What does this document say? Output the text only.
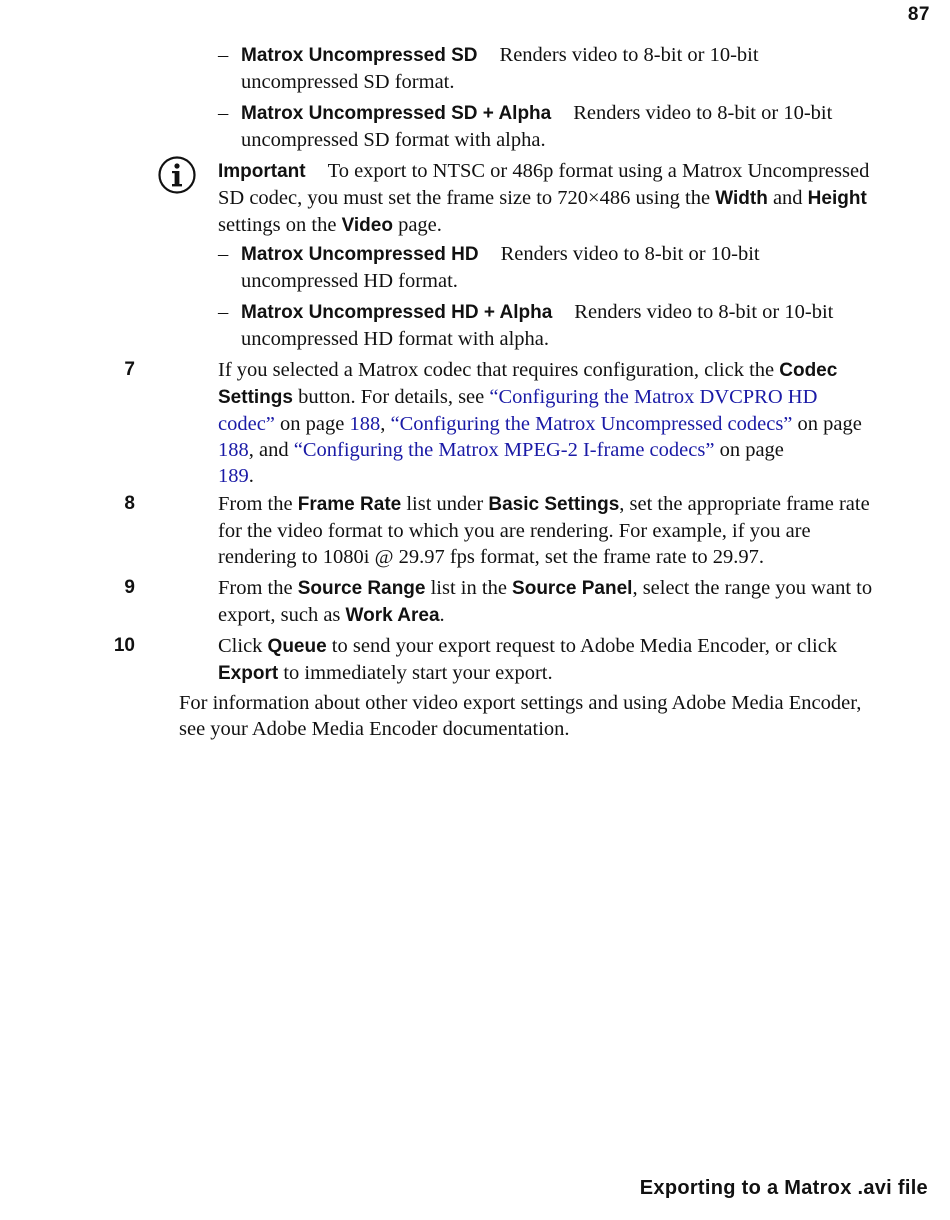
87
– Matrox Uncompressed SD Renders video to 8-bit or 10-bit uncompressed SD format.
– Matrox Uncompressed SD + Alpha Renders video to 8-bit or 10-bit uncompressed SD format with alpha.
Important To export to NTSC or 486p format using a Matrox Uncompressed SD codec, you must set the frame size to 720×486 using the Width and Height settings on the Video page.
– Matrox Uncompressed HD Renders video to 8-bit or 10-bit uncompressed HD format.
– Matrox Uncompressed HD + Alpha Renders video to 8-bit or 10-bit uncompressed HD format with alpha.
7	If you selected a Matrox codec that requires configuration, click the Codec Settings button. For details, see “Configuring the Matrox DVCPRO HD codec” on page 188, “Configuring the Matrox Uncompressed codecs” on page 188, and “Configuring the Matrox MPEG-2 I-frame codecs” on page
189.
8	From the Frame Rate list under Basic Settings, set the appropriate frame rate for the video format to which you are rendering. For example, if you are rendering to 1080i @ 29.97 fps format, set the frame rate to 29.97.
9	From the Source Range list in the Source Panel, select the range you want to export, such as Work Area.
10	Click Queue to send your export request to Adobe Media Encoder, or click Export to immediately start your export.
For information about other video export settings and using Adobe Media Encoder, see your Adobe Media Encoder documentation.
Exporting to a Matrox .avi file
